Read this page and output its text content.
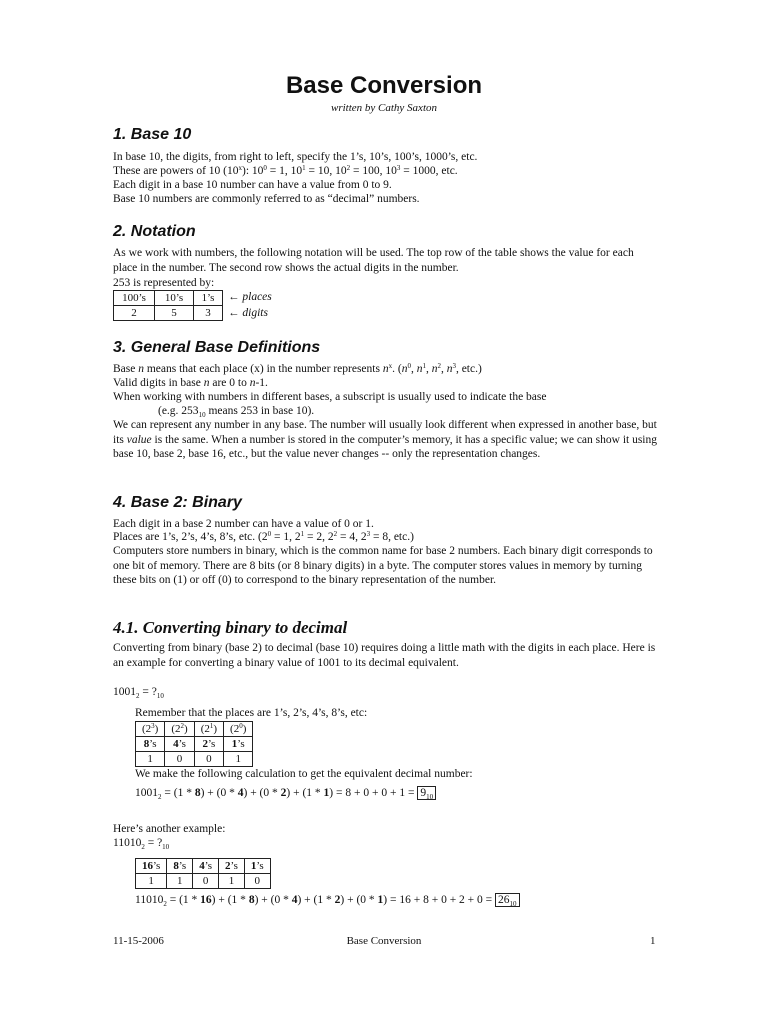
Base Conversion
written by Cathy Saxton
1. Base 10
In base 10, the digits, from right to left, specify the 1’s, 10’s, 100’s, 1000’s, etc.
These are powers of 10 (10$^x$): $10^0 = 1$, $10^1 = 10$, $10^2 = 100$, $10^3 = 1000$, etc.
Each digit in a base 10 number can have a value from 0 to 9.
Base 10 numbers are commonly referred to as “decimal” numbers.
2. Notation
As we work with numbers, the following notation will be used. The top row of the table shows the value for each place in the number. The second row shows the actual digits in the number.
253 is represented by:
100’s	10’s	1’s
2	5	3
← places
← digits
3. General Base Definitions
Base n means that each place (x) in the number represents $n^x$. ($n^0$, $n^1$, $n^2$, $n^3$, etc.)
Valid digits in base n are 0 to n-1.
When working with numbers in different bases, a subscript is usually used to indicate the base
(e.g. $253_{10}$ means 253 in base 10).
We can represent any number in any base. The number will usually look different when expressed in another base, but its value is the same. When a number is stored in the computer’s memory, it has a specific value; we can show it using base 10, base 2, base 16, etc., but the value never changes -- only the representation changes.
4. Base 2: Binary
Each digit in a base 2 number can have a value of 0 or 1.
Places are 1’s, 2’s, 4’s, 8’s, etc. ($2^0 = 1$, $2^1 = 2$, $2^2 = 4$, $2^3 = 8$, etc.)
Computers store numbers in binary, which is the common name for base 2 numbers. Each binary digit corresponds to one bit of memory. There are 8 bits (or 8 binary digits) in a byte. The computer stores values in memory by turning these bits on (1) or off (0) to correspond to the binary representation of the number.
4.1. Converting binary to decimal
Converting from binary (base 2) to decimal (base 10) requires doing a little math with the digits in each place. Here is an example for converting a binary value of 1001 to its decimal equivalent.
$1001_2$ = $?_{10}$
Remember that the places are 1’s, 2’s, 4’s, 8’s, etc:
$(2^3)$	$(2^2)$	$(2^1)$	$(2^0)$
8’s	4’s	2’s	1’s
1	0	0	1
We make the following calculation to get the equivalent decimal number:
$1001_2 = (1 * 8) + (0 * 4) + (0 * 2) + (1 * 1) = 8 + 0 + 0 + 1 = 9_{10}$
Here’s another example:
$11010_2$ = $?_{10}$
16’s	8’s	4’s	2’s	1’s
1	1	0	1	0
$11010_2 = (1 * 16) + (1 * 8) + (0 * 4) + (1 * 2) + (0 * 1) = 16 + 8 + 0 + 2 + 0 = 26_{10}$
11-15-2006	Base Conversion	1
